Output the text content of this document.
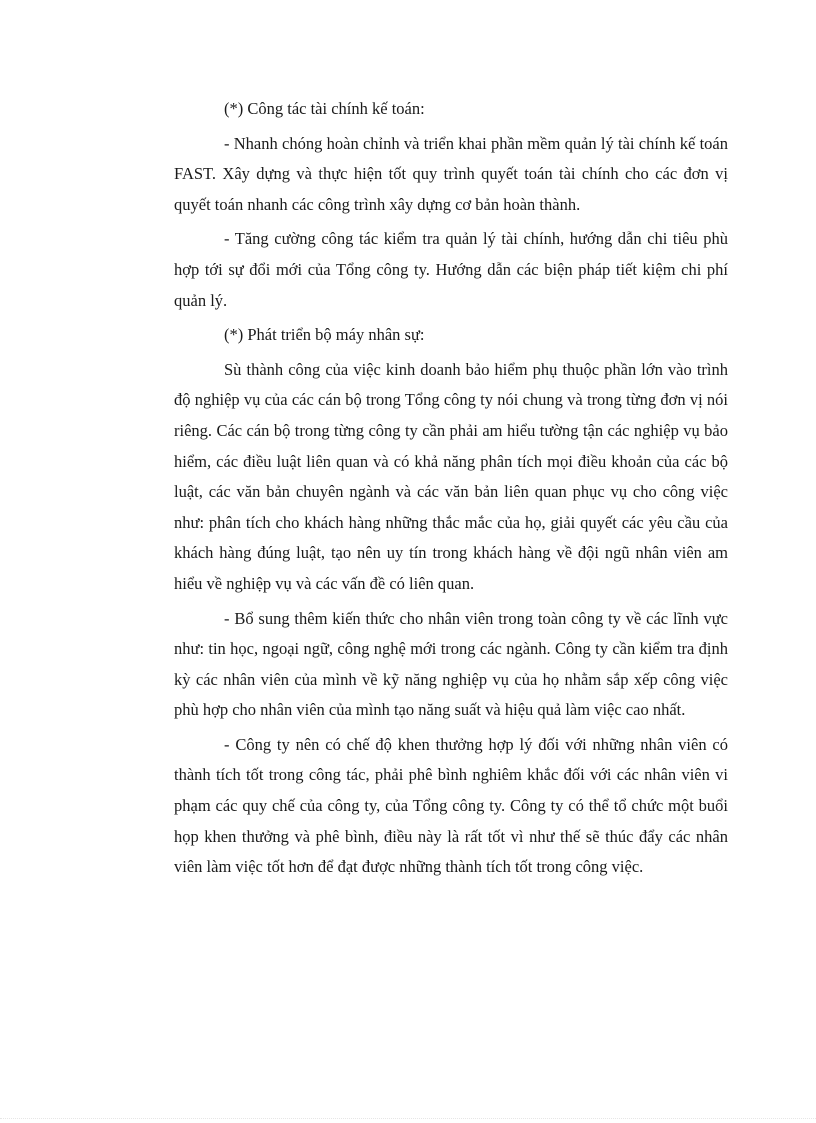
(*) Công tác tài chính kế toán:

- Nhanh chóng hoàn chỉnh và triển khai phần mềm quản lý tài chính kế toán FAST. Xây dựng và thực hiện tốt quy trình quyết toán tài chính cho các đơn vị quyết toán nhanh các công trình xây dựng cơ bản hoàn thành.

- Tăng cường công tác kiểm tra quản lý tài chính, hướng dẫn chi tiêu phù hợp tới sự đổi mới của Tổng công ty. Hướng dẫn các biện pháp tiết kiệm chi phí quản lý.

(*) Phát triển bộ máy nhân sự:

Sù thành công của việc kinh doanh bảo hiểm phụ thuộc phần lớn vào trình độ nghiệp vụ của các cán bộ trong Tổng công ty nói chung và trong từng đơn vị nói riêng. Các cán bộ trong từng công ty cần phải am hiểu tường tận các nghiệp vụ bảo hiểm, các điều luật liên quan và có khả năng phân tích mọi điều khoản của các bộ luật, các văn bản chuyên ngành và các văn bản liên quan phục vụ cho công việc như: phân tích cho khách hàng những thắc mắc của họ, giải quyết các yêu cầu của khách hàng đúng luật, tạo nên uy tín trong khách hàng về đội ngũ nhân viên am hiểu về nghiệp vụ và các vấn đề có liên quan.

- Bổ sung thêm kiến thức cho nhân viên trong toàn công ty về các lĩnh vực như: tin học, ngoại ngữ, công nghệ mới trong các ngành. Công ty cần kiểm tra định kỳ các nhân viên của mình về kỹ năng nghiệp vụ của họ nhằm sắp xếp công việc phù hợp cho nhân viên của mình tạo năng suất và hiệu quả làm việc cao nhất.

- Công ty nên có chế độ khen thưởng hợp lý đối với những nhân viên có thành tích tốt trong công tác, phải phê bình nghiêm khắc đối với các nhân viên vi phạm các quy chế của công ty, của Tổng công ty. Công ty có thể tổ chức một buổi họp khen thưởng và phê bình, điều này là rất tốt vì như thế sẽ thúc đẩy các nhân viên làm việc tốt hơn để đạt được những thành tích tốt trong công việc.
